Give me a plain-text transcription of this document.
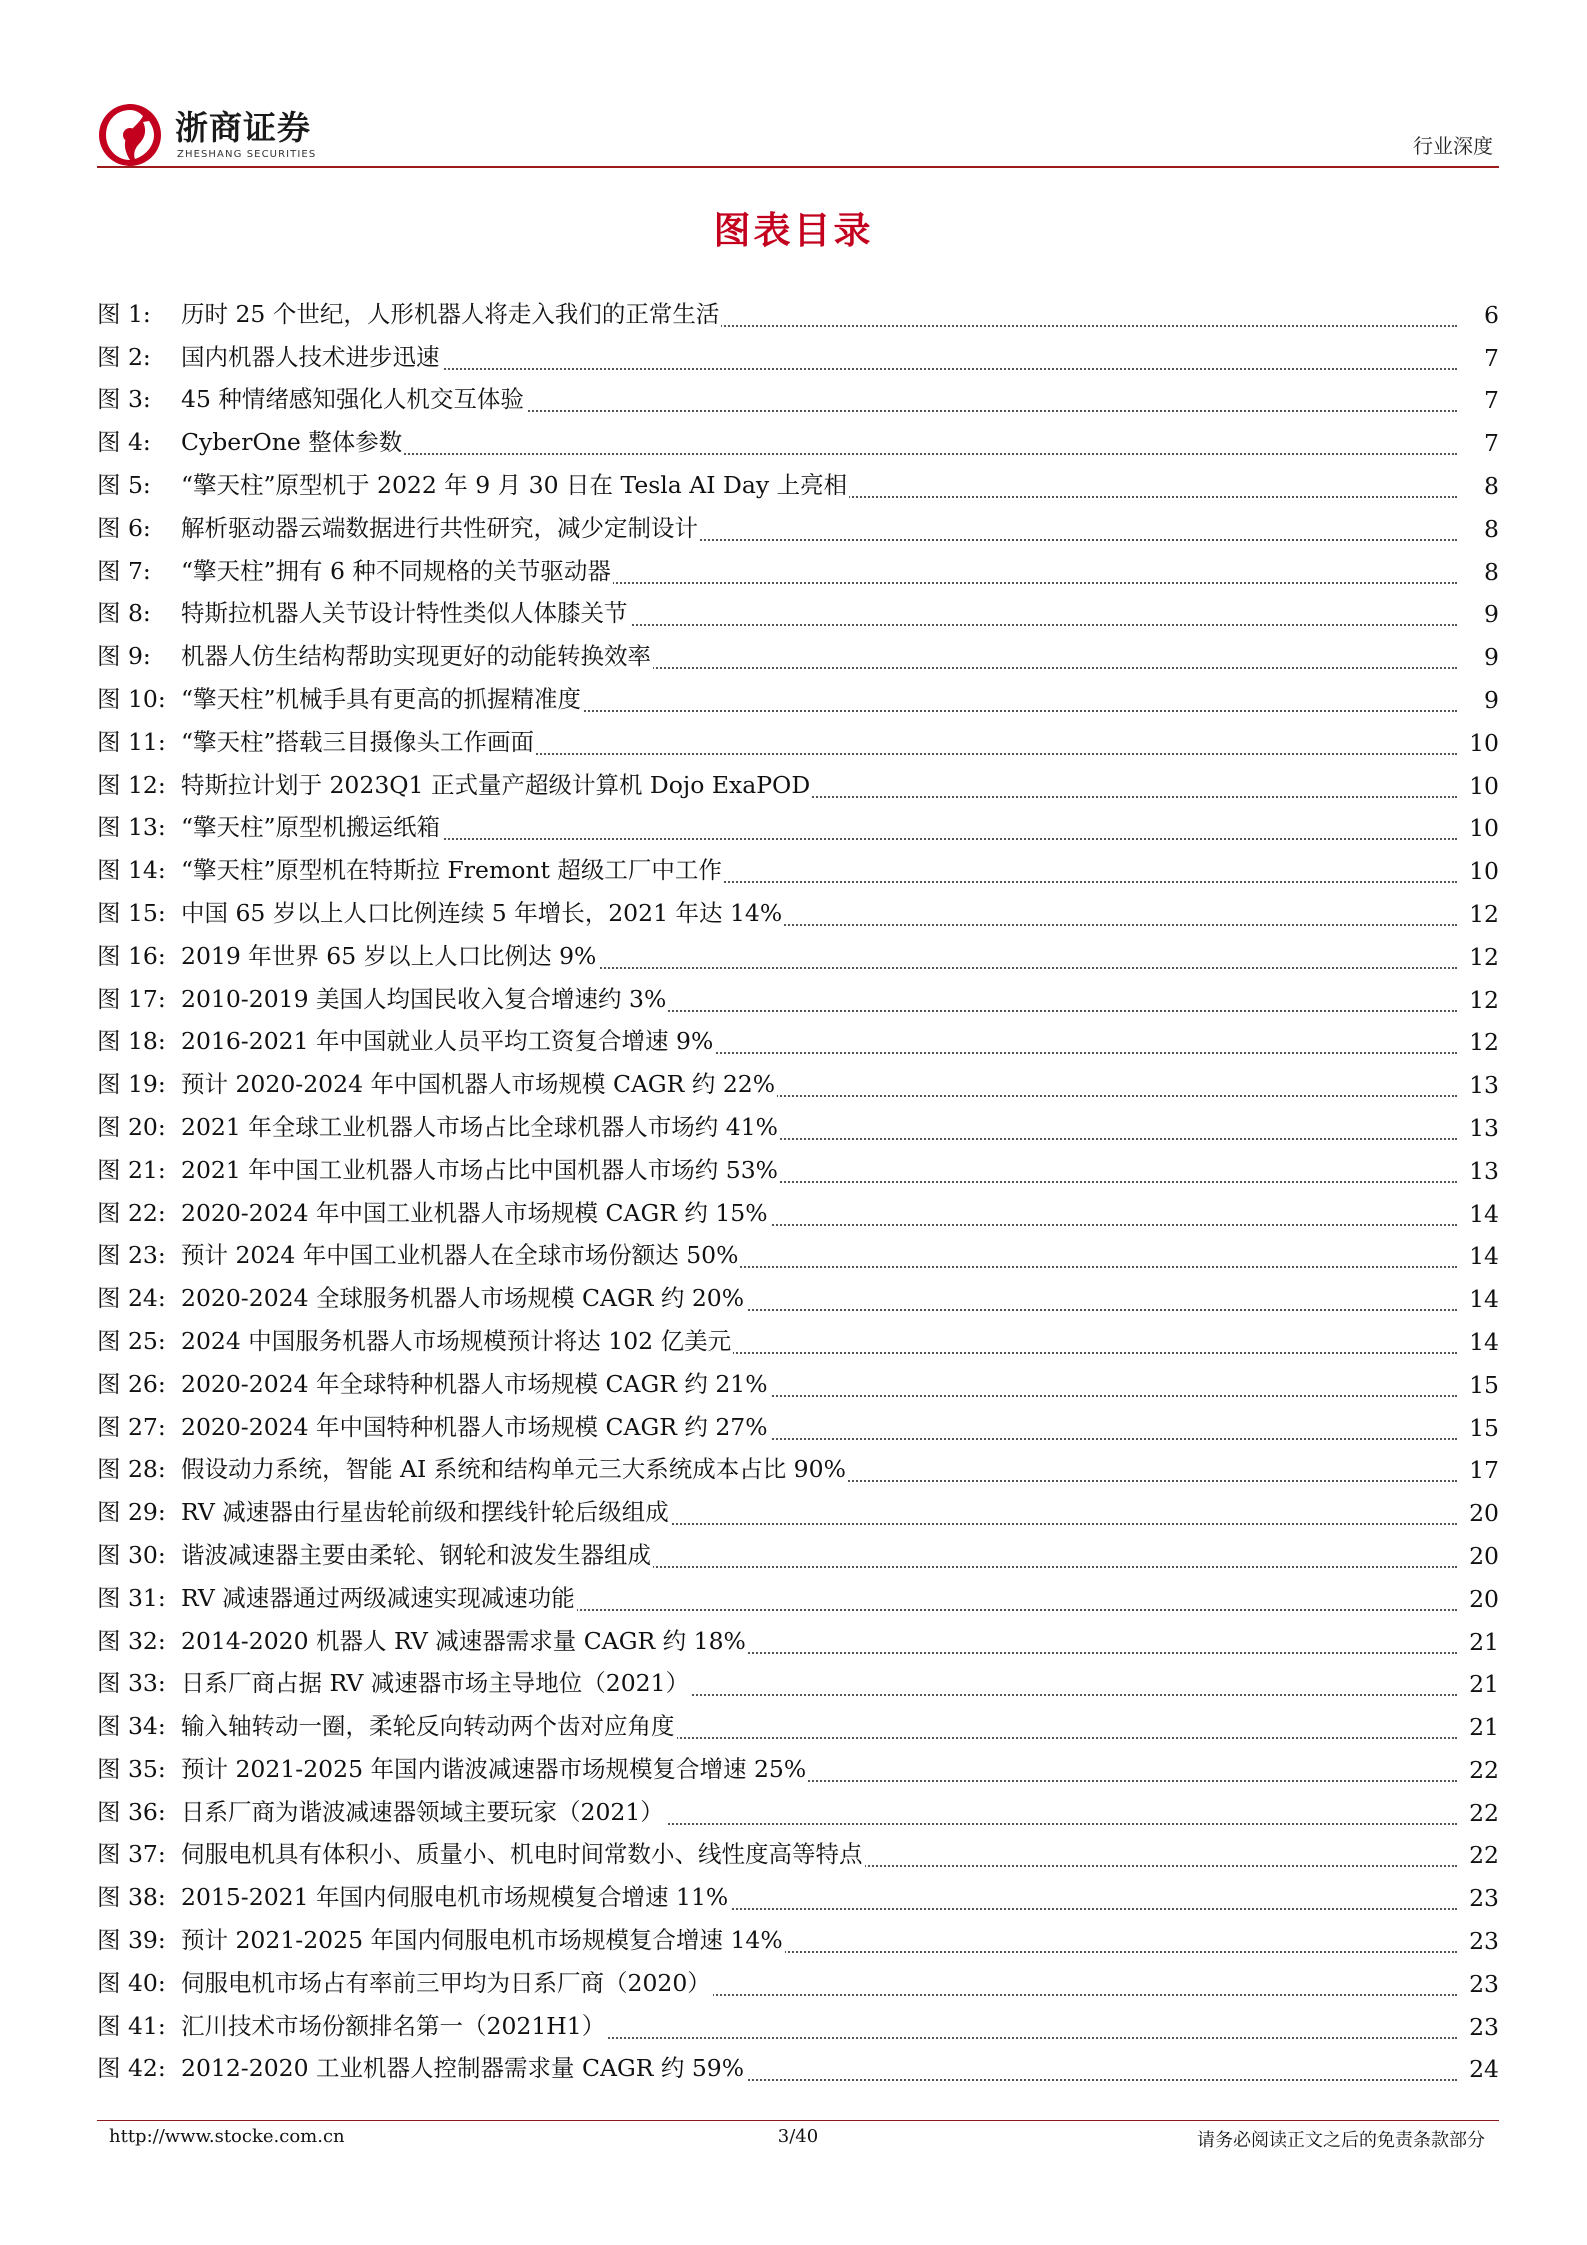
浙商证券
ZHESHANG SECURITIES	行业深度
图表目录
图 1: 历时 25 个世纪，人形机器人将走入我们的正常生活	6
图 2: 国内机器人技术进步迅速	7
图 3: 45 种情绪感知强化人机交互体验	7
图 4: CyberOne 整体参数	7
图 5: “擎天柱”原型机于 2022 年 9 月 30 日在 Tesla AI Day 上亮相	8
图 6: 解析驱动器云端数据进行共性研究，减少定制设计	8
图 7: “擎天柱”拥有 6 种不同规格的关节驱动器	8
图 8: 特斯拉机器人关节设计特性类似人体膝关节	9
图 9: 机器人仿生结构帮助实现更好的动能转换效率	9
图 10: “擎天柱”机械手具有更高的抓握精准度	9
图 11: “擎天柱”搭载三目摄像头工作画面	10
图 12: 特斯拉计划于 2023Q1 正式量产超级计算机 Dojo ExaPOD	10
图 13: “擎天柱”原型机搬运纸箱	10
图 14: “擎天柱”原型机在特斯拉 Fremont 超级工厂中工作	10
图 15: 中国 65 岁以上人口比例连续 5 年增长，2021 年达 14%	12
图 16: 2019 年世界 65 岁以上人口比例达 9%	12
图 17: 2010-2019 美国人均国民收入复合增速约 3%	12
图 18: 2016-2021 年中国就业人员平均工资复合增速 9%	12
图 19: 预计 2020-2024 年中国机器人市场规模 CAGR 约 22%	13
图 20: 2021 年全球工业机器人市场占比全球机器人市场约 41%	13
图 21: 2021 年中国工业机器人市场占比中国机器人市场约 53%	13
图 22: 2020-2024 年中国工业机器人市场规模 CAGR 约 15%	14
图 23: 预计 2024 年中国工业机器人在全球市场份额达 50%	14
图 24: 2020-2024 全球服务机器人市场规模 CAGR 约 20%	14
图 25: 2024 中国服务机器人市场规模预计将达 102 亿美元	14
图 26: 2020-2024 年全球特种机器人市场规模 CAGR 约 21%	15
图 27: 2020-2024 年中国特种机器人市场规模 CAGR 约 27%	15
图 28: 假设动力系统，智能 AI 系统和结构单元三大系统成本占比 90%	17
图 29: RV 减速器由行星齿轮前级和摆线针轮后级组成	20
图 30: 谐波减速器主要由柔轮、钢轮和波发生器组成	20
图 31: RV 减速器通过两级减速实现减速功能	20
图 32: 2014-2020 机器人 RV 减速器需求量 CAGR 约 18%	21
图 33: 日系厂商占据 RV 减速器市场主导地位（2021）	21
图 34: 输入轴转动一圈，柔轮反向转动两个齿对应角度	21
图 35: 预计 2021-2025 年国内谐波减速器市场规模复合增速 25%	22
图 36: 日系厂商为谐波减速器领域主要玩家（2021）	22
图 37: 伺服电机具有体积小、质量小、机电时间常数小、线性度高等特点	22
图 38: 2015-2021 年国内伺服电机市场规模复合增速 11%	23
图 39: 预计 2021-2025 年国内伺服电机市场规模复合增速 14%	23
图 40: 伺服电机市场占有率前三甲均为日系厂商（2020）	23
图 41: 汇川技术市场份额排名第一（2021H1）	23
图 42: 2012-2020 工业机器人控制器需求量 CAGR 约 59%	24
http://www.stocke.com.cn	3/40	请务必阅读正文之后的免责条款部分
